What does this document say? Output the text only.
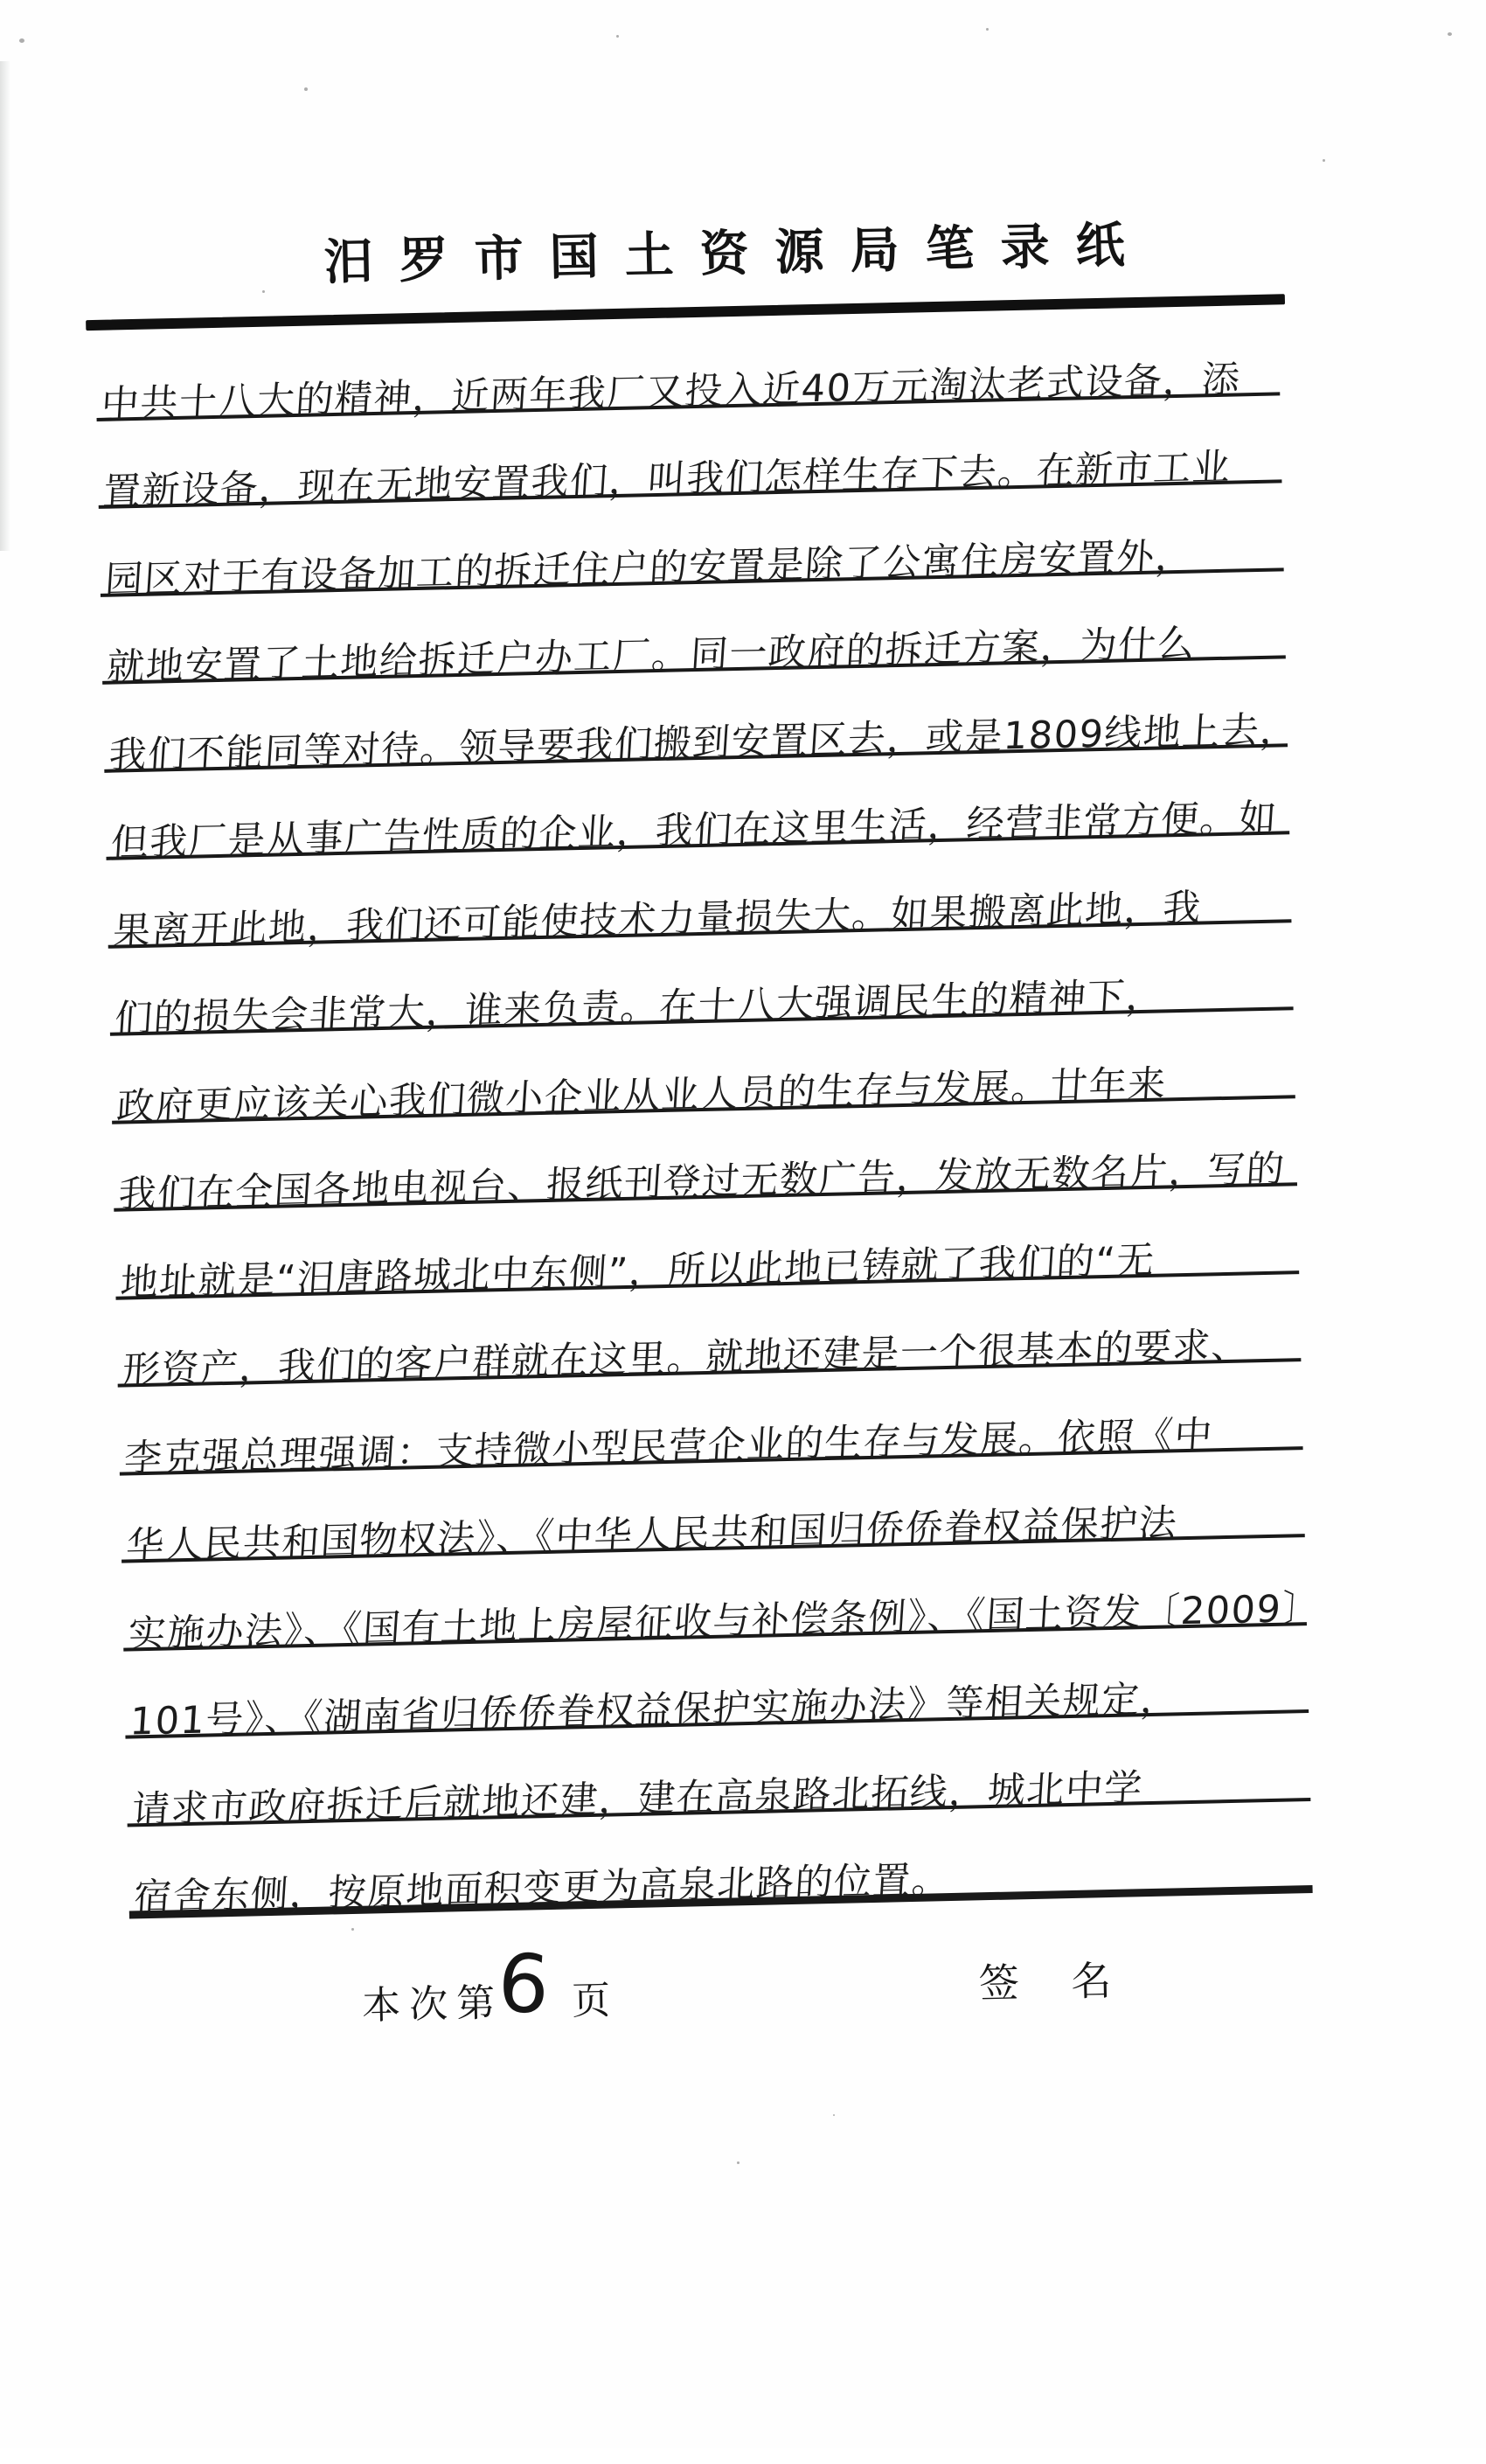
汨罗市国土资源局笔录纸
中共十八大的精神，近两年我厂又投入近40万元淘汰老式设备，添
置新设备，现在无地安置我们，叫我们怎样生存下去。在新市工业
园区对于有设备加工的拆迁住户的安置是除了公寓住房安置外，
就地安置了土地给拆迁户办工厂。同一政府的拆迁方案，为什么
我们不能同等对待。领导要我们搬到安置区去，或是1809线地上去，
但我厂是从事广告性质的企业，我们在这里生活，经营非常方便。如
果离开此地，我们还可能使技术力量损失大。如果搬离此地，我
们的损失会非常大，谁来负责。在十八大强调民生的精神下，
政府更应该关心我们微小企业从业人员的生存与发展。廿年来
我们在全国各地电视台、报纸刊登过无数广告，发放无数名片，写的
地址就是“汨唐路城北中东侧”，所以此地已铸就了我们的“无
形资产，我们的客户群就在这里。就地还建是一个很基本的要求、
李克强总理强调：支持微小型民营企业的生存与发展。依照《中
华人民共和国物权法》、《中华人民共和国归侨侨眷权益保护法
实施办法》、《国有土地上房屋征收与补偿条例》、《国土资发〔2009〕
101号》、《湖南省归侨侨眷权益保护实施办法》等相关规定，
请求市政府拆迁后就地还建，建在高泉路北拓线，城北中学
宿舍东侧，按原地面积变更为高泉北路的位置。
本次第
6 页	签 名
